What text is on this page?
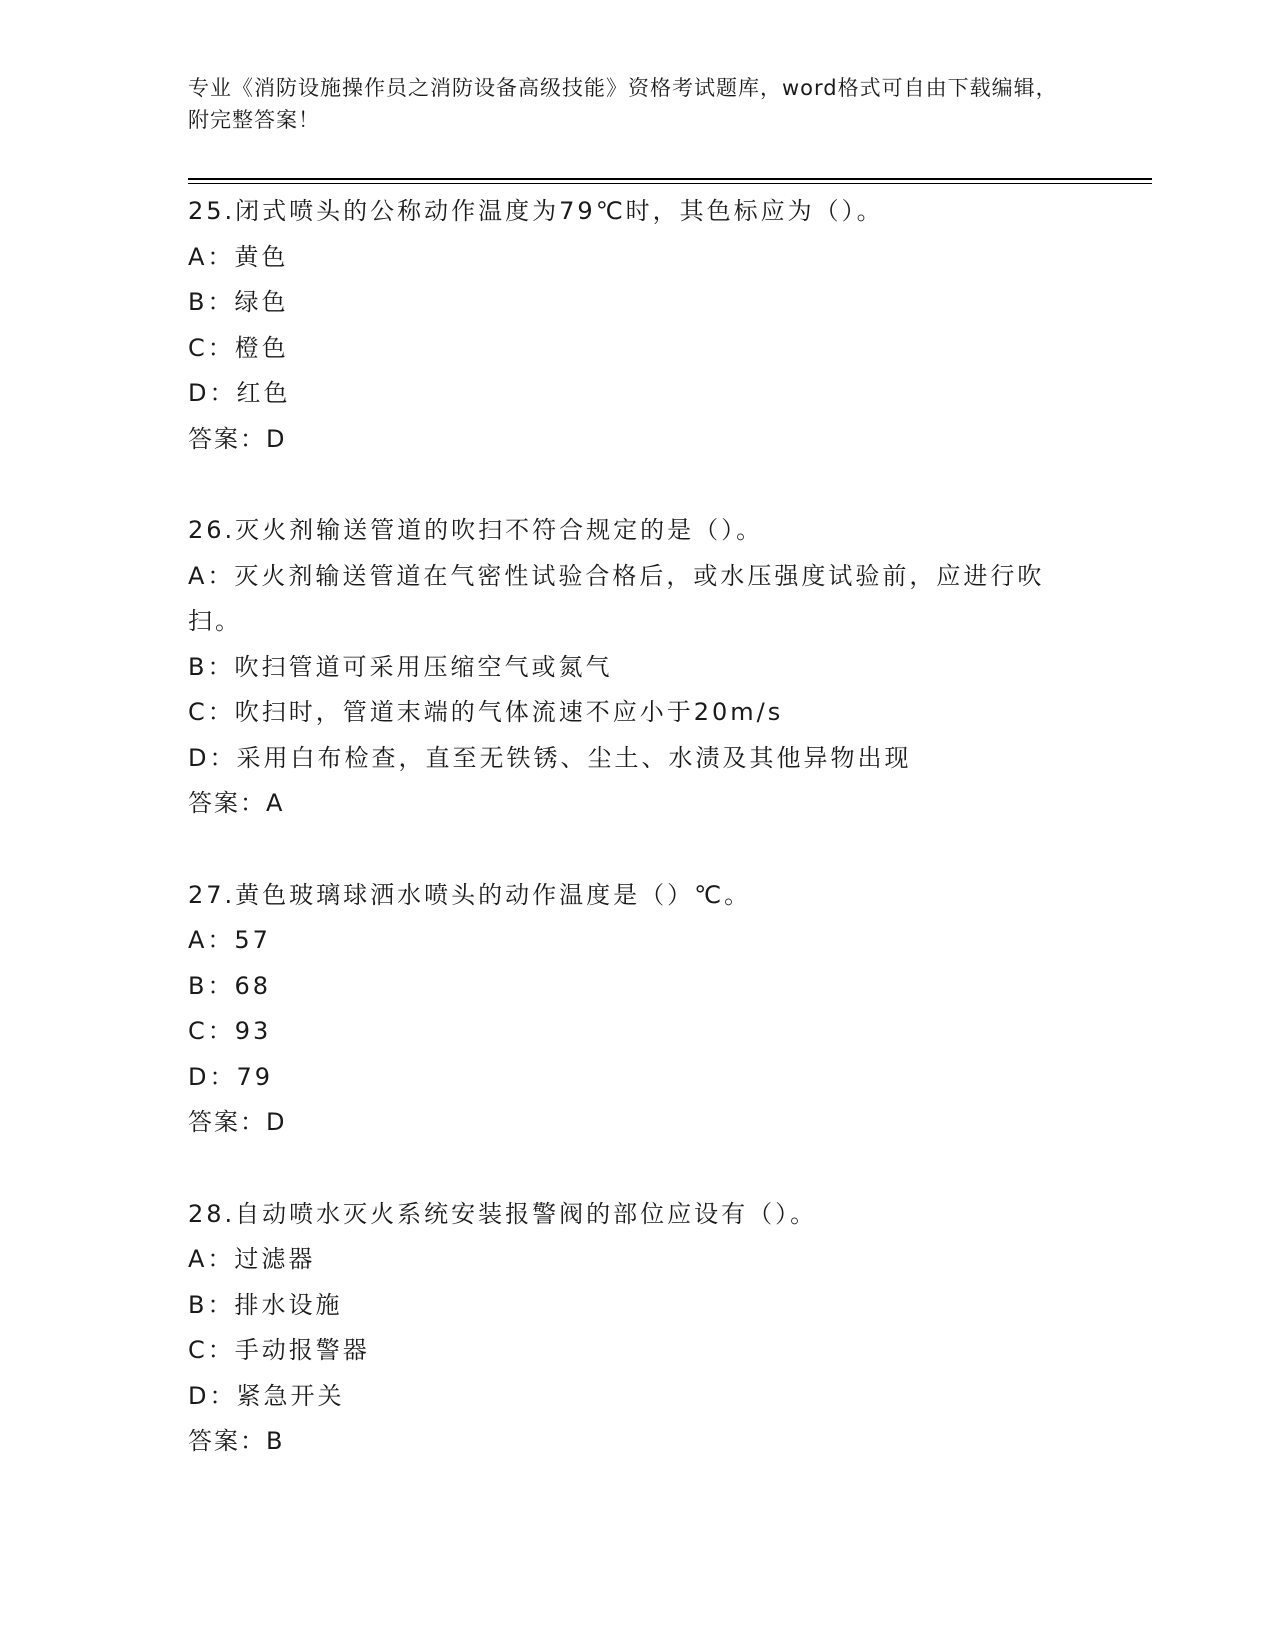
专业《消防设施操作员之消防设备高级技能》资格考试题库，word格式可自由下载编辑，附完整答案！
25.闭式喷头的公称动作温度为79℃时，其色标应为（）。
A：黄色
B：绿色
C：橙色
D：红色
答案：D
26.灭火剂输送管道的吹扫不符合规定的是（）。
A：灭火剂输送管道在气密性试验合格后，或水压强度试验前，应进行吹扫。
B：吹扫管道可采用压缩空气或氮气
C：吹扫时，管道末端的气体流速不应小于20m/s
D：采用白布检查，直至无铁锈、尘土、水渍及其他异物出现
答案：A
27.黄色玻璃球洒水喷头的动作温度是（）℃。
A：57
B：68
C：93
D：79
答案：D
28.自动喷水灭火系统安装报警阀的部位应设有（）。
A：过滤器
B：排水设施
C：手动报警器
D：紧急开关
答案：B
